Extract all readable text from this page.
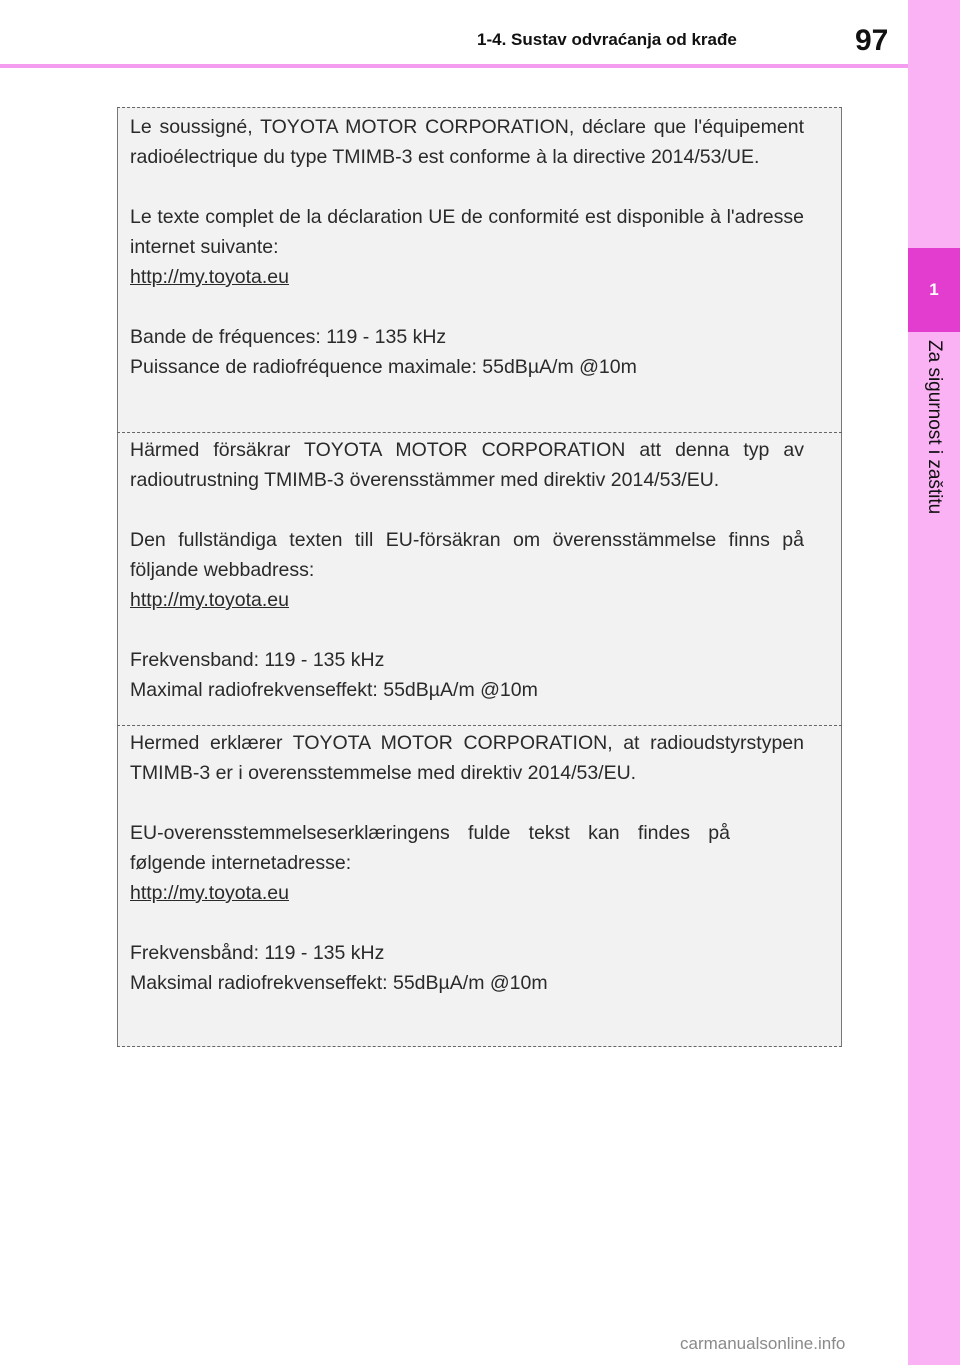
1-4. Sustav odvraćanja od krađe	97
1
Za sigurnost i zaštitu

Le soussigné, TOYOTA MOTOR CORPORATION, déclare que l'équipement radioélectrique du type TMIMB-3 est conforme à la directive 2014/53/UE.

Le texte complet de la déclaration UE de conformité est disponible à l'adresse internet suivante:
http://my.toyota.eu

Bande de fréquences: 119 - 135 kHz
Puissance de radiofréquence maximale: 55dBµA/m @10m

Härmed försäkrar TOYOTA MOTOR CORPORATION att denna typ av radioutrustning TMIMB-3 överensstämmer med direktiv 2014/53/EU.

Den fullständiga texten till EU-försäkran om överensstämmelse finns på följande webbadress:
http://my.toyota.eu

Frekvensband: 119 - 135 kHz
Maximal radiofrekvenseffekt: 55dBµA/m @10m

Hermed erklærer TOYOTA MOTOR CORPORATION, at radioudstyrstypen TMIMB-3 er i overensstemmelse med direktiv 2014/53/EU.

EU-overensstemmelseserklæringens fulde tekst kan findes på følgende internetadresse:
http://my.toyota.eu

Frekvensbånd: 119 - 135 kHz
Maksimal radiofrekvenseffekt: 55dBµA/m @10m

carmanualsonline.info
